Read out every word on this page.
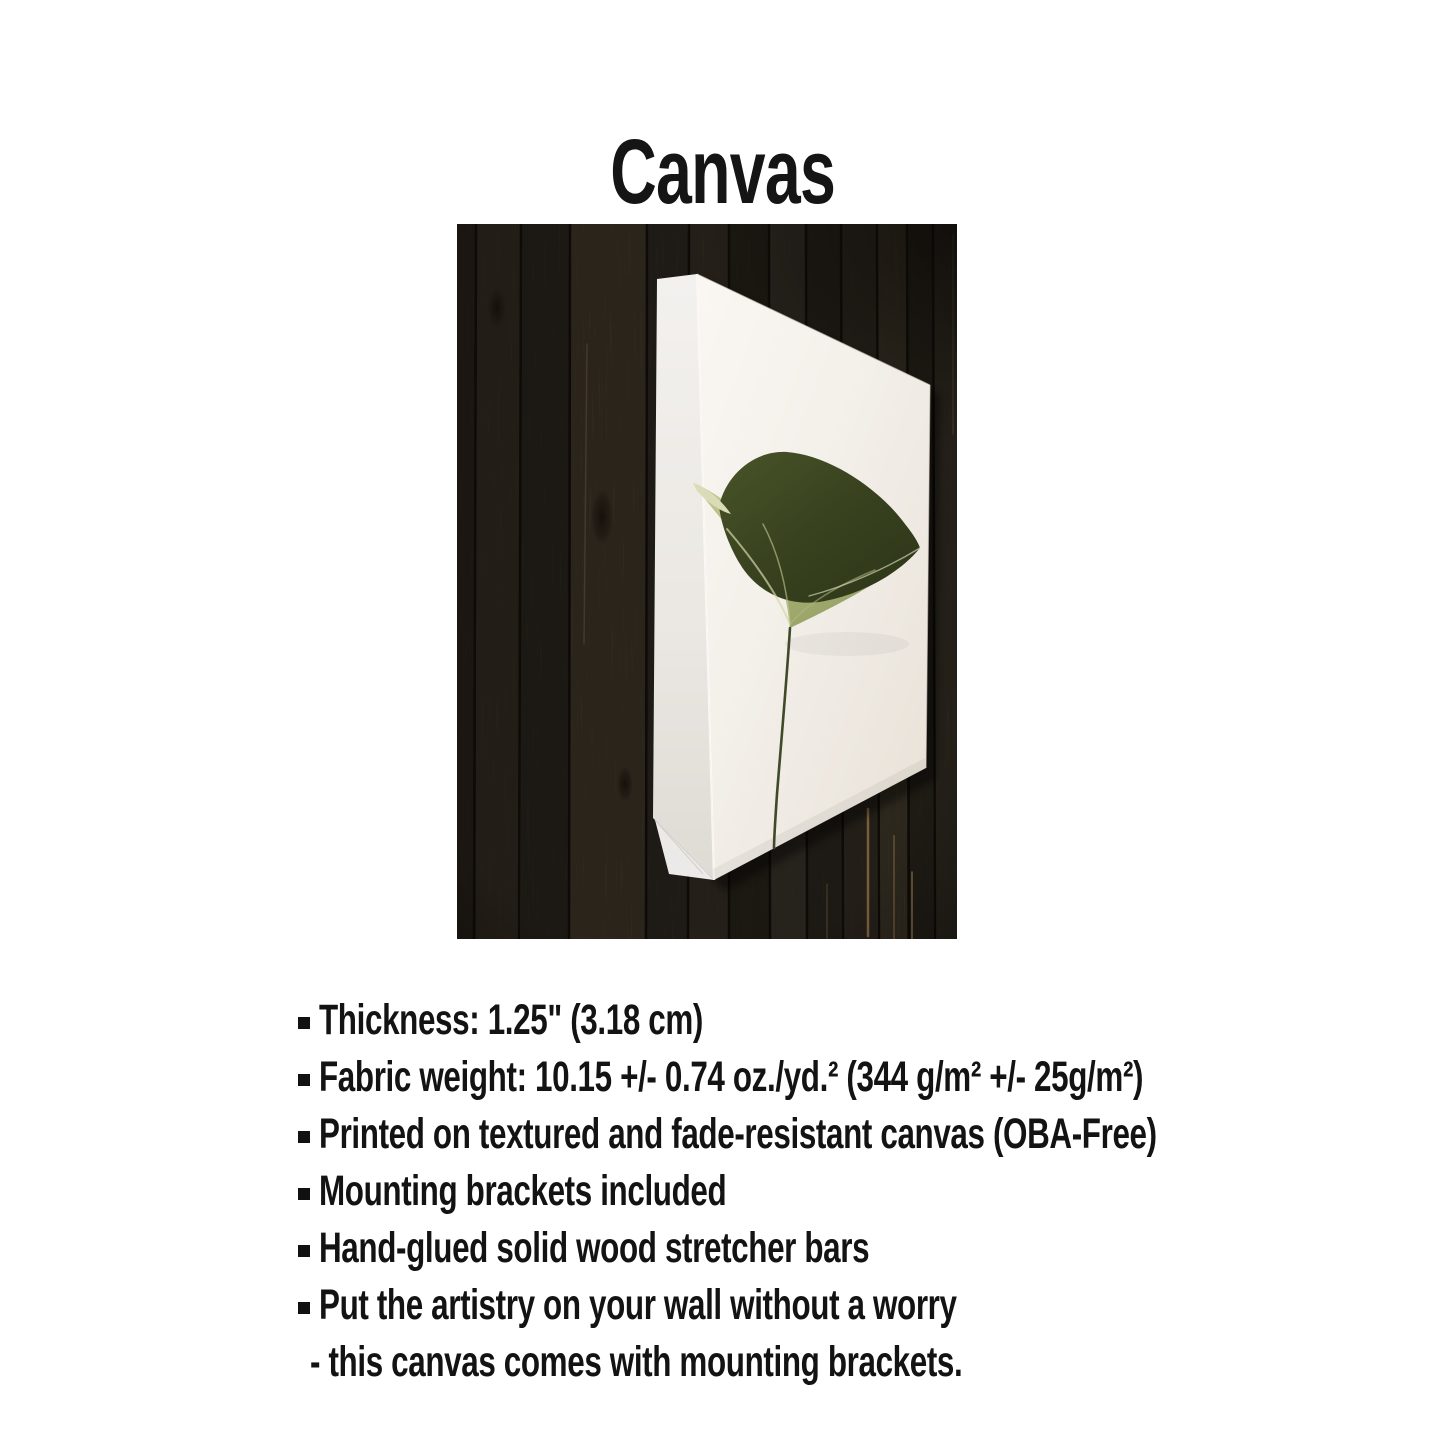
Canvas
Thickness: 1.25" (3.18 cm)
Fabric weight: 10.15 +/- 0.74 oz./yd.² (344 g/m² +/- 25g/m²)
Printed on textured and fade-resistant canvas (OBA-Free)
Mounting brackets included
Hand-glued solid wood stretcher bars
Put the artistry on your wall without a worry
- this canvas comes with mounting brackets.
